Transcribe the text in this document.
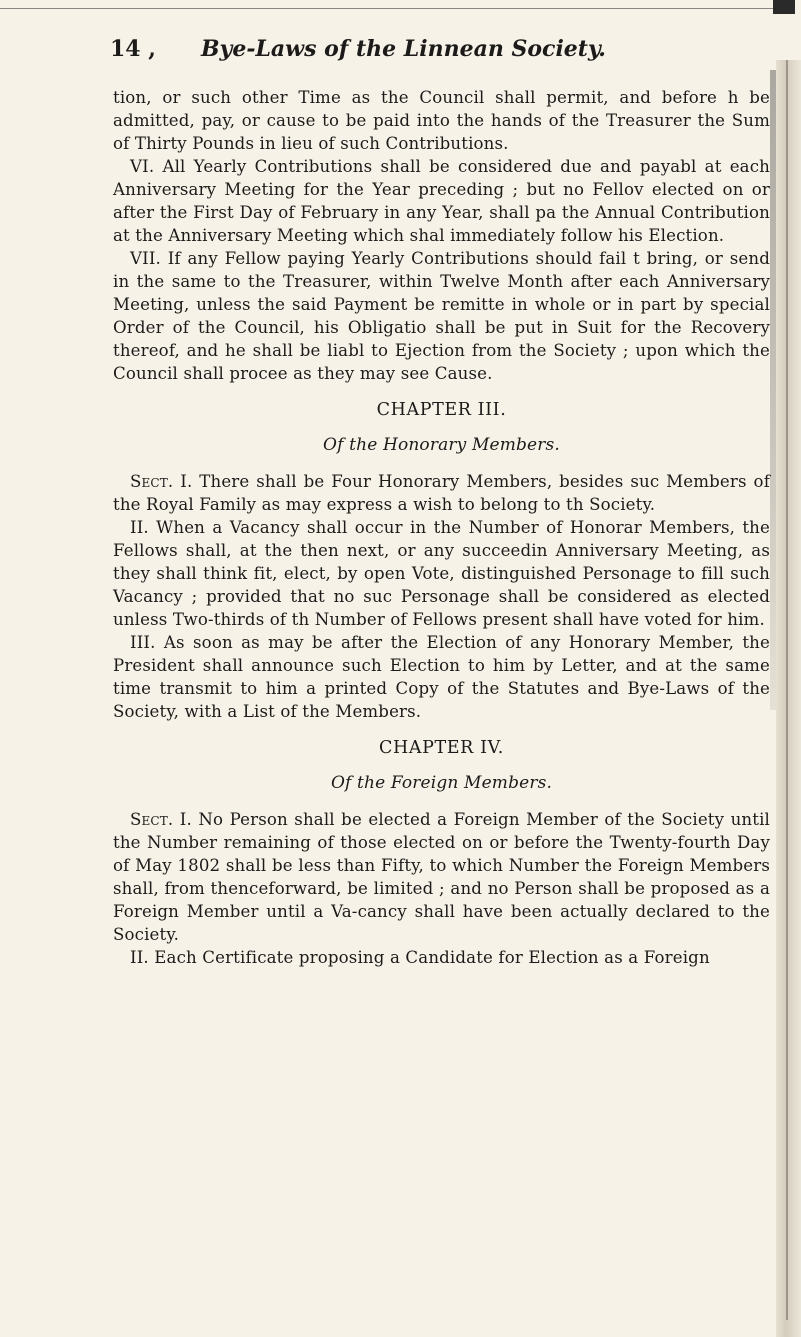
14 , Bye-Laws of the Linnean Society.

tion, or such other Time as the Council shall permit, and before h be admitted, pay, or cause to be paid into the hands of the Treasurer the Sum of Thirty Pounds in lieu of such Contributions.

VI. All Yearly Contributions shall be considered due and payabl at each Anniversary Meeting for the Year preceding ; but no Fellov elected on or after the First Day of February in any Year, shall pa the Annual Contribution at the Anniversary Meeting which shal immediately follow his Election.

VII. If any Fellow paying Yearly Contributions should fail t bring, or send in the same to the Treasurer, within Twelve Month after each Anniversary Meeting, unless the said Payment be remitte in whole or in part by special Order of the Council, his Obligatio shall be put in Suit for the Recovery thereof, and he shall be liabl to Ejection from the Society ; upon which the Council shall procee as they may see Cause.

CHAPTER III.

Of the Honorary Members.

Sect. I. There shall be Four Honorary Members, besides suc Members of the Royal Family as may express a wish to belong to th Society.

II. When a Vacancy shall occur in the Number of Honorar Members, the Fellows shall, at the then next, or any succeedin Anniversary Meeting, as they shall think fit, elect, by open Vote, distinguished Personage to fill such Vacancy ; provided that no suc Personage shall be considered as elected unless Two-thirds of th Number of Fellows present shall have voted for him.

III. As soon as may be after the Election of any Honorary Member, the President shall announce such Election to him by Letter, and at the same time transmit to him a printed Copy of the Statutes and Bye-Laws of the Society, with a List of the Members.

CHAPTER IV.

Of the Foreign Members.

Sect. I. No Person shall be elected a Foreign Member of the Society until the Number remaining of those elected on or before the Twenty-fourth Day of May 1802 shall be less than Fifty, to which Number the Foreign Members shall, from thenceforward, be limited ; and no Person shall be proposed as a Foreign Member until a Va-cancy shall have been actually declared to the Society.

II. Each Certificate proposing a Candidate for Election as a Foreign
